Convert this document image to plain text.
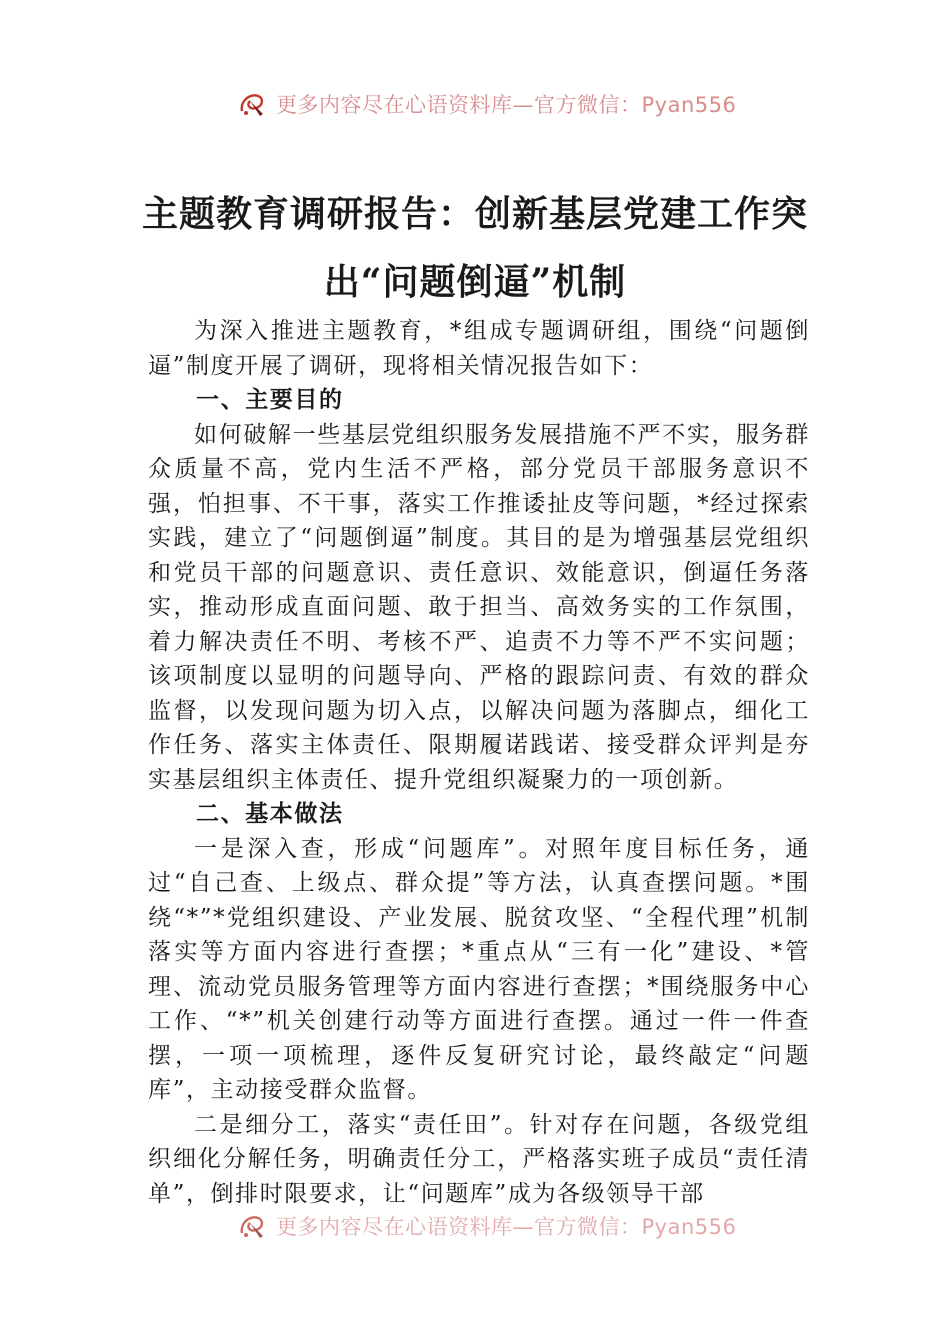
更多内容尽在心语资料库—官方微信：Pyan556
主题教育调研报告：创新基层党建工作突
出“问题倒逼”机制

为深入推进主题教育，*组成专题调研组，围绕“问题倒逼”制度开展了调研，现将相关情况报告如下：

一、主要目的

如何破解一些基层党组织服务发展措施不严不实，服务群众质量不高，党内生活不严格，部分党员干部服务意识不强，怕担事、不干事，落实工作推诿扯皮等问题，*经过探索实践，建立了“问题倒逼”制度。其目的是为增强基层党组织和党员干部的问题意识、责任意识、效能意识，倒逼任务落实，推动形成直面问题、敢于担当、高效务实的工作氛围，着力解决责任不明、考核不严、追责不力等不严不实问题；该项制度以显明的问题导向、严格的跟踪问责、有效的群众监督，以发现问题为切入点，以解决问题为落脚点，细化工作任务、落实主体责任、限期履诺践诺、接受群众评判是夯实基层组织主体责任、提升党组织凝聚力的一项创新。

二、基本做法

一是深入查，形成“问题库”。对照年度目标任务，通过“自己查、上级点、群众提”等方法，认真查摆问题。*围绕“*”*党组织建设、产业发展、脱贫攻坚、“全程代理”机制落实等方面内容进行查摆；*重点从“三有一化”建设、*管理、流动党员服务管理等方面内容进行查摆；*围绕服务中心工作、“*”机关创建行动等方面进行查摆。通过一件一件查摆，一项一项梳理，逐件反复研究讨论，最终敲定“问题库”，主动接受群众监督。

二是细分工，落实“责任田”。针对存在问题，各级党组织细化分解任务，明确责任分工，严格落实班子成员“责任清单”，倒排时限要求，让“问题库”成为各级领导干部

更多内容尽在心语资料库—官方微信：Pyan556
